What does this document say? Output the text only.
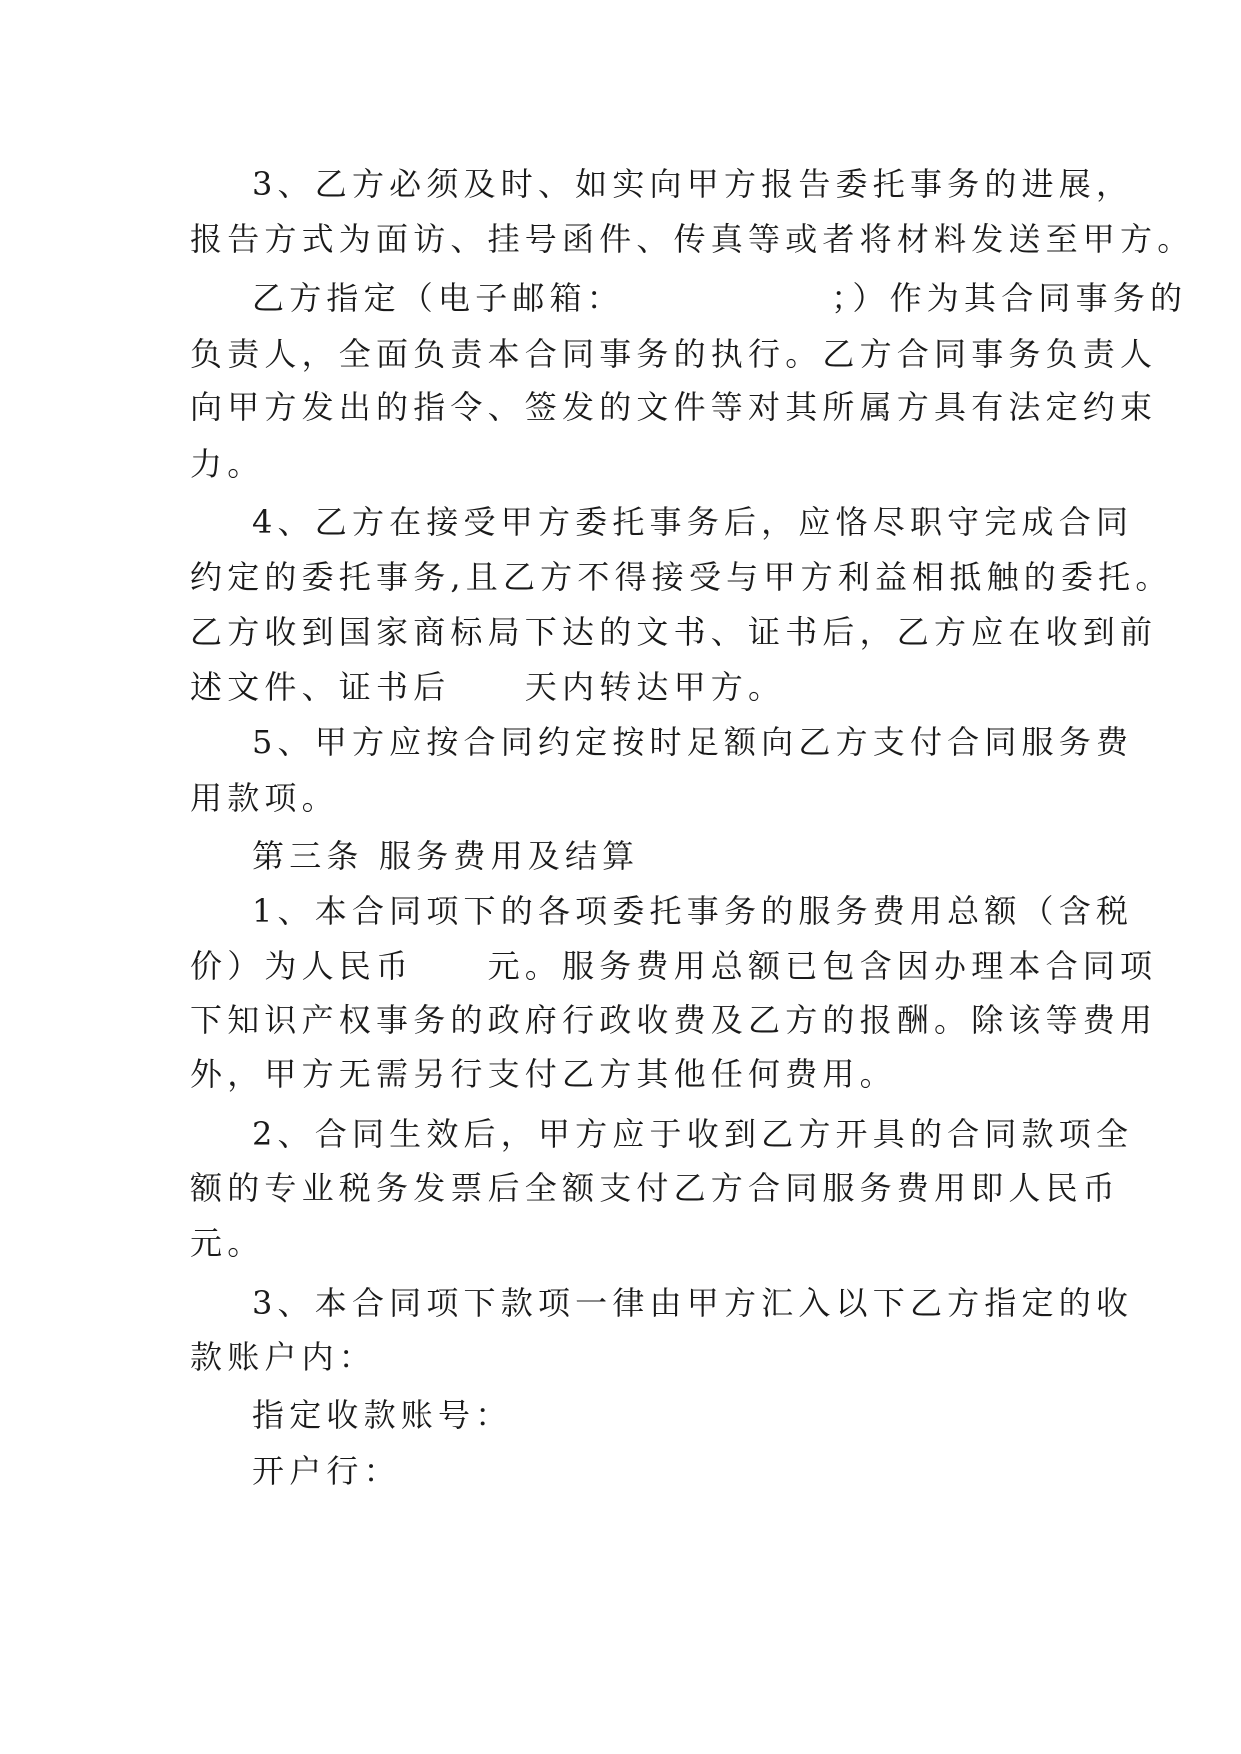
3、乙方必须及时、如实向甲方报告委托事务的进展，
报告方式为面访、挂号函件、传真等或者将材料发送至甲方。
乙方指定（电子邮箱：　　　　　　；）作为其合同事务的
负责人，全面负责本合同事务的执行。乙方合同事务负责人
向甲方发出的指令、签发的文件等对其所属方具有法定约束
力。
4、乙方在接受甲方委托事务后，应恪尽职守完成合同
约定的委托事务,且乙方不得接受与甲方利益相抵触的委托。
乙方收到国家商标局下达的文书、证书后，乙方应在收到前
述文件、证书后　　天内转达甲方。
5、甲方应按合同约定按时足额向乙方支付合同服务费
用款项。
第三条 服务费用及结算
1、本合同项下的各项委托事务的服务费用总额（含税
价）为人民币　　元。服务费用总额已包含因办理本合同项
下知识产权事务的政府行政收费及乙方的报酬。除该等费用
外，甲方无需另行支付乙方其他任何费用。
2、合同生效后，甲方应于收到乙方开具的合同款项全
额的专业税务发票后全额支付乙方合同服务费用即人民币
元。
3、本合同项下款项一律由甲方汇入以下乙方指定的收
款账户内：
指定收款账号：
开户行：
